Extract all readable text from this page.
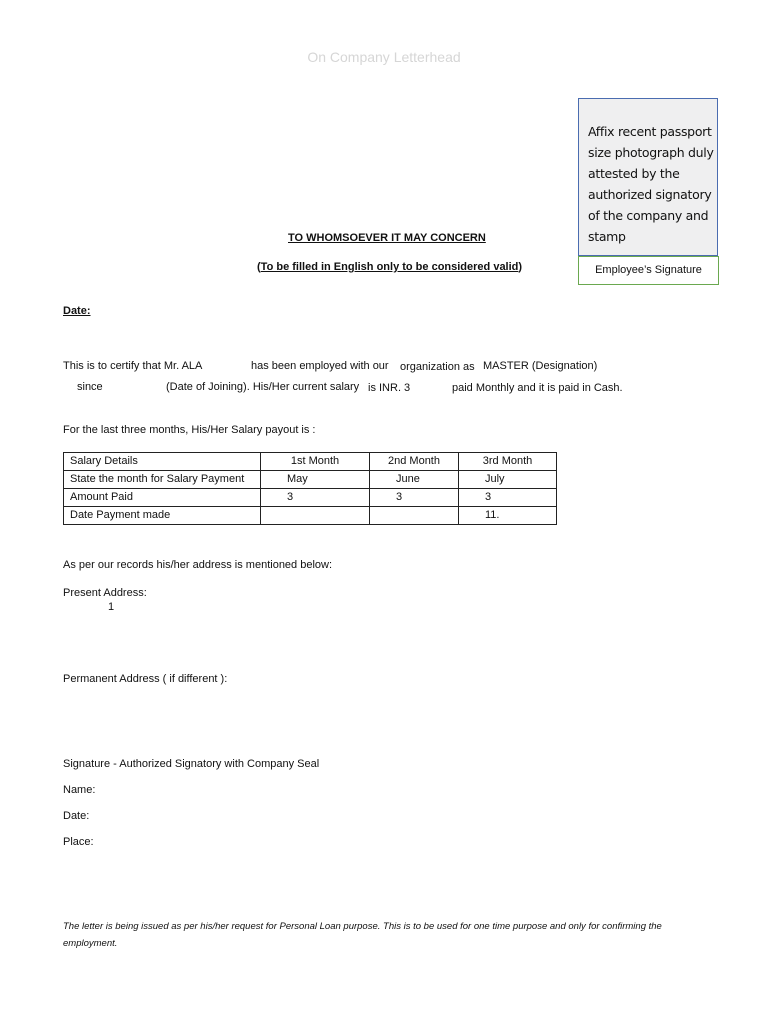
On Company Letterhead
Affix recent passport
size photograph duly
attested by the
authorized signatory
of the company and
stamp
Employee’s Signature
TO WHOMSOEVER IT MAY CONCERN
(To be filled in English only to be considered valid)
Date:
This is to certify that Mr. ALA	has been employed with our organization as MASTER (Designation)
since	(Date of Joining). His/Her current salary is INR. 3	paid Monthly and it is paid in Cash.
For the last three months, His/Her Salary payout is :
Salary Details	1st Month	2nd Month	3rd Month
State the month for Salary Payment	May	June	July
Amount Paid	3	3	3
Date Payment made			11.
As per our records his/her address is mentioned below:
Present Address:
1
Permanent Address ( if different ):
Signature - Authorized Signatory with Company Seal
Name:
Date:
Place:
The letter is being issued as per his/her request for Personal Loan purpose. This is to be used for one time purpose and only for confirming the employment.
